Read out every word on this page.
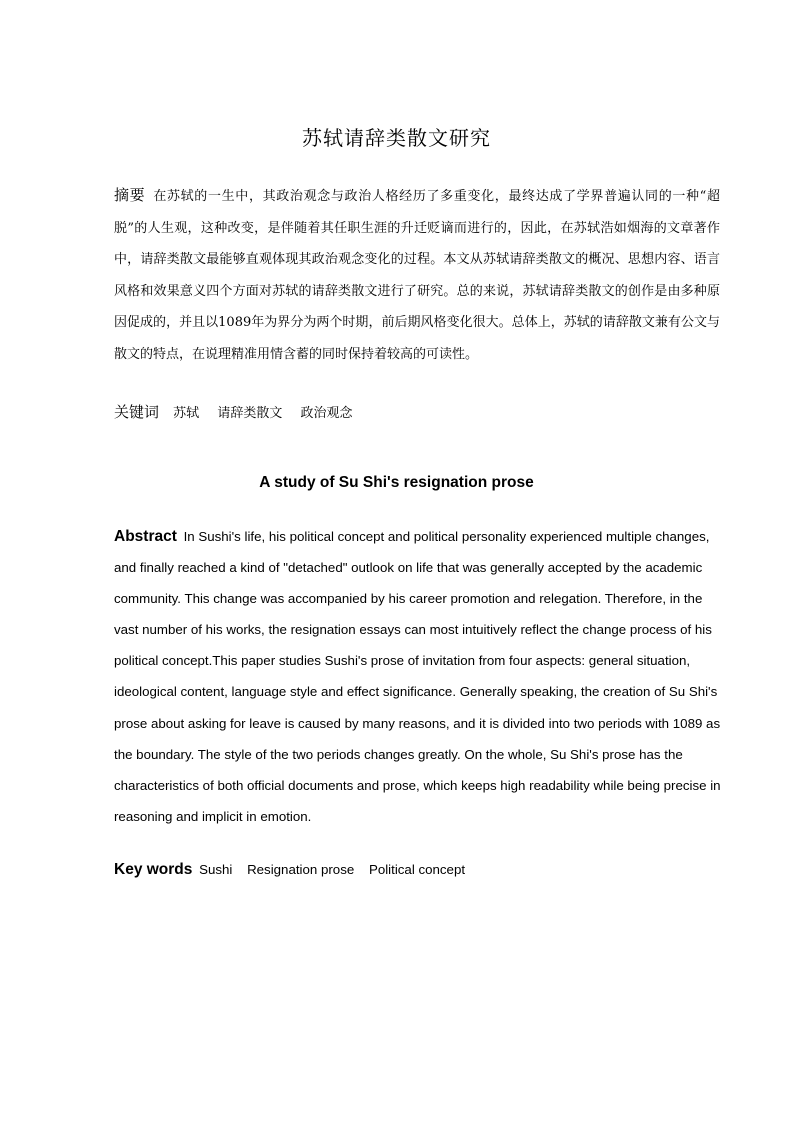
苏轼请辞类散文研究
摘要 在苏轼的一生中，其政治观念与政治人格经历了多重变化，最终达成了学界普遍认同的一种“超脱”的人生观，这种改变，是伴随着其任职生涯的升迁贬谪而进行的，因此，在苏轼浩如烟海的文章著作中，请辞类散文最能够直观体现其政治观念变化的过程。本文从苏轼请辞类散文的概况、思想内容、语言风格和效果意义四个方面对苏轼的请辞类散文进行了研究。总的来说，苏轼请辞类散文的创作是由多种原因促成的，并且以1089年为界分为两个时期，前后期风格变化很大。总体上，苏轼的请辞散文兼有公文与散文的特点，在说理精准用情含蓄的同时保持着较高的可读性。
关键词 苏轼 请辞类散文 政治观念
A study of Su Shi's resignation prose
Abstract In Sushi's life, his political concept and political personality experienced multiple changes, and finally reached a kind of "detached" outlook on life that was generally accepted by the academic community. This change was accompanied by his career promotion and relegation. Therefore, in the vast number of his works, the resignation essays can most intuitively reflect the change process of his political concept.This paper studies Sushi's prose of invitation from four aspects: general situation, ideological content, language style and effect significance. Generally speaking, the creation of Su Shi's prose about asking for leave is caused by many reasons, and it is divided into two periods with 1089 as the boundary. The style of the two periods changes greatly. On the whole, Su Shi's prose has the characteristics of both official documents and prose, which keeps high readability while being precise in reasoning and implicit in emotion.
Key words Sushi Resignation prose Political concept
